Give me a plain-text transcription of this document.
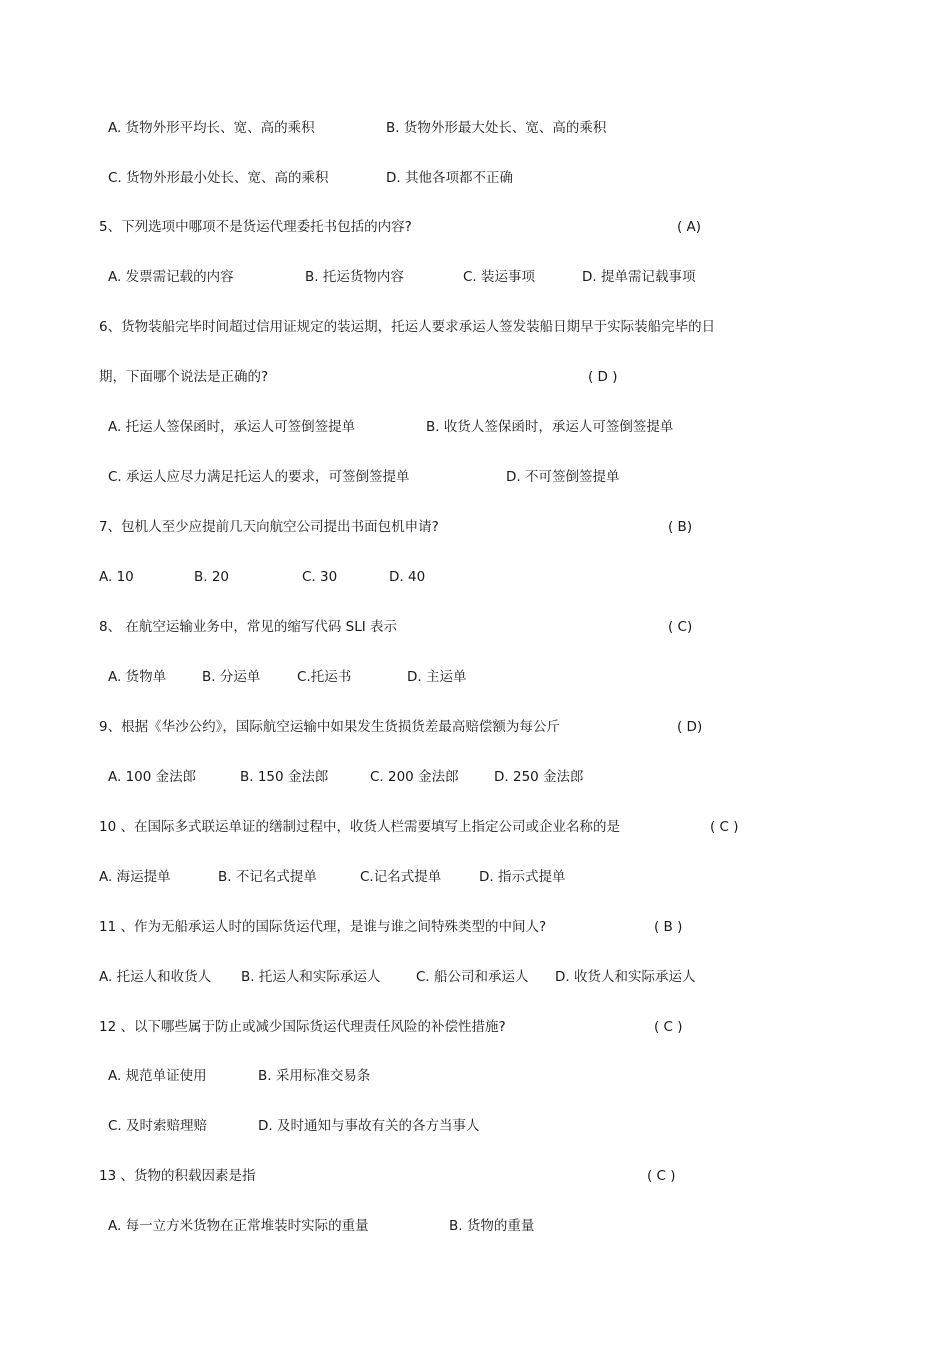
A. 货物外形平均长、宽、高的乘积	B. 货物外形最大处长、宽、高的乘积
C. 货物外形最小处长、宽、高的乘积	D. 其他各项都不正确
5、下列选项中哪项不是货运代理委托书包括的内容?	( A)
A. 发票需记载的内容	B. 托运货物内容	C. 装运事项	D. 提单需记载事项
6、货物装船完毕时间超过信用证规定的装运期，托运人要求承运人签发装船日期早于实际装船完毕的日
期，下面哪个说法是正确的?	( D )
A. 托运人签保函时，承运人可签倒签提单	B. 收货人签保函时，承运人可签倒签提单
C. 承运人应尽力满足托运人的要求，可签倒签提单	D. 不可签倒签提单
7、包机人至少应提前几天向航空公司提出书面包机申请?	( B)
A. 10	B. 20	C. 30	D. 40
8、 在航空运输业务中，常见的缩写代码 SLI 表示	( C)
A. 货物单	B. 分运单	C.托运书	D. 主运单
9、根据《华沙公约》，国际航空运输中如果发生货损货差最高赔偿额为每公斤	( D)
A. 100 金法郎	B. 150 金法郎	C. 200 金法郎	D. 250 金法郎
10 、在国际多式联运单证的缮制过程中，收货人栏需要填写上指定公司或企业名称的是	( C )
A. 海运提单	B. 不记名式提单	C.记名式提单	D. 指示式提单
11 、作为无船承运人时的国际货运代理，是谁与谁之间特殊类型的中间人?	( B )
A. 托运人和收货人 B. 托运人和实际承运人	C. 船公司和承运人 D. 收货人和实际承运人
12 、以下哪些属于防止或减少国际货运代理责任风险的补偿性措施?	( C )
A. 规范单证使用	B. 采用标准交易条
C. 及时索赔理赔	D. 及时通知与事故有关的各方当事人
13 、货物的积载因素是指	( C )
A. 每一立方米货物在正常堆装时实际的重量	B. 货物的重量
